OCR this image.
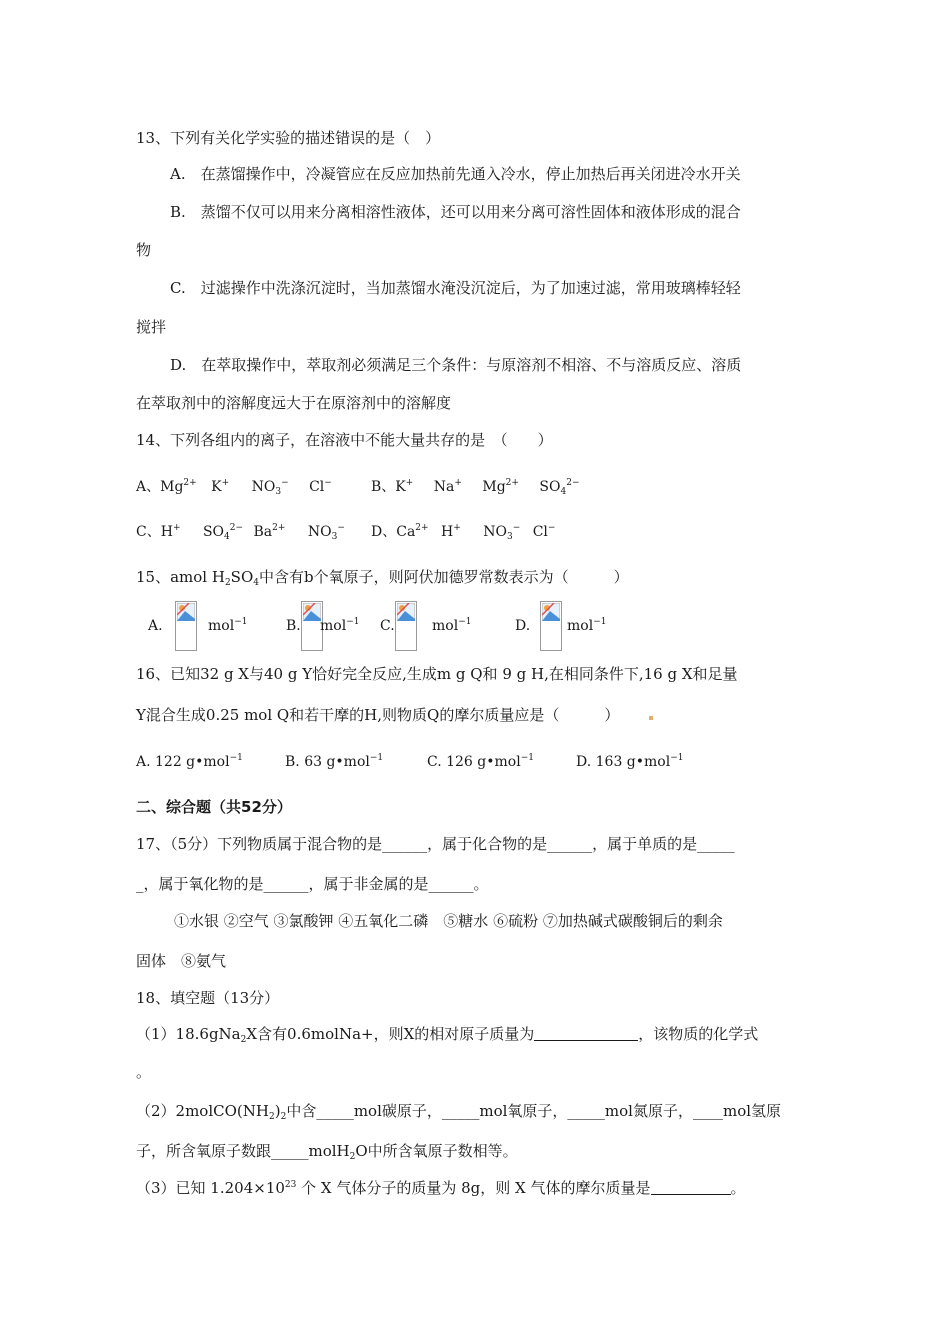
13、下列有关化学实验的描述错误的是（　）
A.　在蒸馏操作中，冷凝管应在反应加热前先通入冷水，停止加热后再关闭进冷水开关
B.　蒸馏不仅可以用来分离相溶性液体，还可以用来分离可溶性固体和液体形成的混合
物
C.　过滤操作中洗涤沉淀时，当加蒸馏水淹没沉淀后，为了加速过滤，常用玻璃棒轻轻
搅拌
D.　在萃取操作中，萃取剂必须满足三个条件：与原溶剂不相溶、不与溶质反应、溶质
在萃取剂中的溶解度远大于在原溶剂中的溶解度
14、下列各组内的离子，在溶液中不能大量共存的是　（　　）
A、$Mg^{2+}$ K+ $NO_3^-$ Cl−	B、K+ Na+ $Mg^{2+}$ $SO_4^{2-}$
C、H+ $SO_4^{2-}$ $Ba^{2+}$ $NO_3^-$ D、$Ca^{2+}$ H+ $NO_3^-$ Cl−
15、amol $H_2SO_4$中含有b个氧原子，则阿伏加德罗常数表示为（　　　）
A.	mol$^{-1}$	B. mol$^{-1}$ C.	mol$^{-1}$	D.	mol$^{-1}$
16、已知32 g X与40 g Y恰好完全反应,生成m g Q和 9 g H,在相同条件下,16 g X和足量
Y混合生成0.25 mol Q和若干摩的H,则物质Q的摩尔质量应是（　　　）
A. 122 g•mol$^{-1}$	B. 63 g•mol$^{-1}$	C. 126 g•mol$^{-1}$	D. 163 g•mol$^{-1}$
二、综合题（共52分）
17、（5分）下列物质属于混合物的是______，属于化合物的是______，属于单质的是_____
_，属于氧化物的是______，属于非金属的是______。
①水银 ②空气 ③氯酸钾 ④五氧化二磷　⑤糖水 ⑥硫粉 ⑦加热碱式碳酸铜后的剩余
固体　⑧氨气
18、填空题（13分）
（1）18.6gNa$_2$X含有0.6molNa+，则X的相对原子质量为	，该物质的化学式
。
$(2)2molCO(NH_2)_2$中含_____mol碳原子，_____mol氧原子，_____mol氮原子，____mol氢原
子，所含氧原子数跟_____molH$_2$O中所含氧原子数相等。
（3）已知 $1.204\times 10^{23}$ 个 X 气体分子的质量为 8g，则 X 气体的摩尔质量是	。
